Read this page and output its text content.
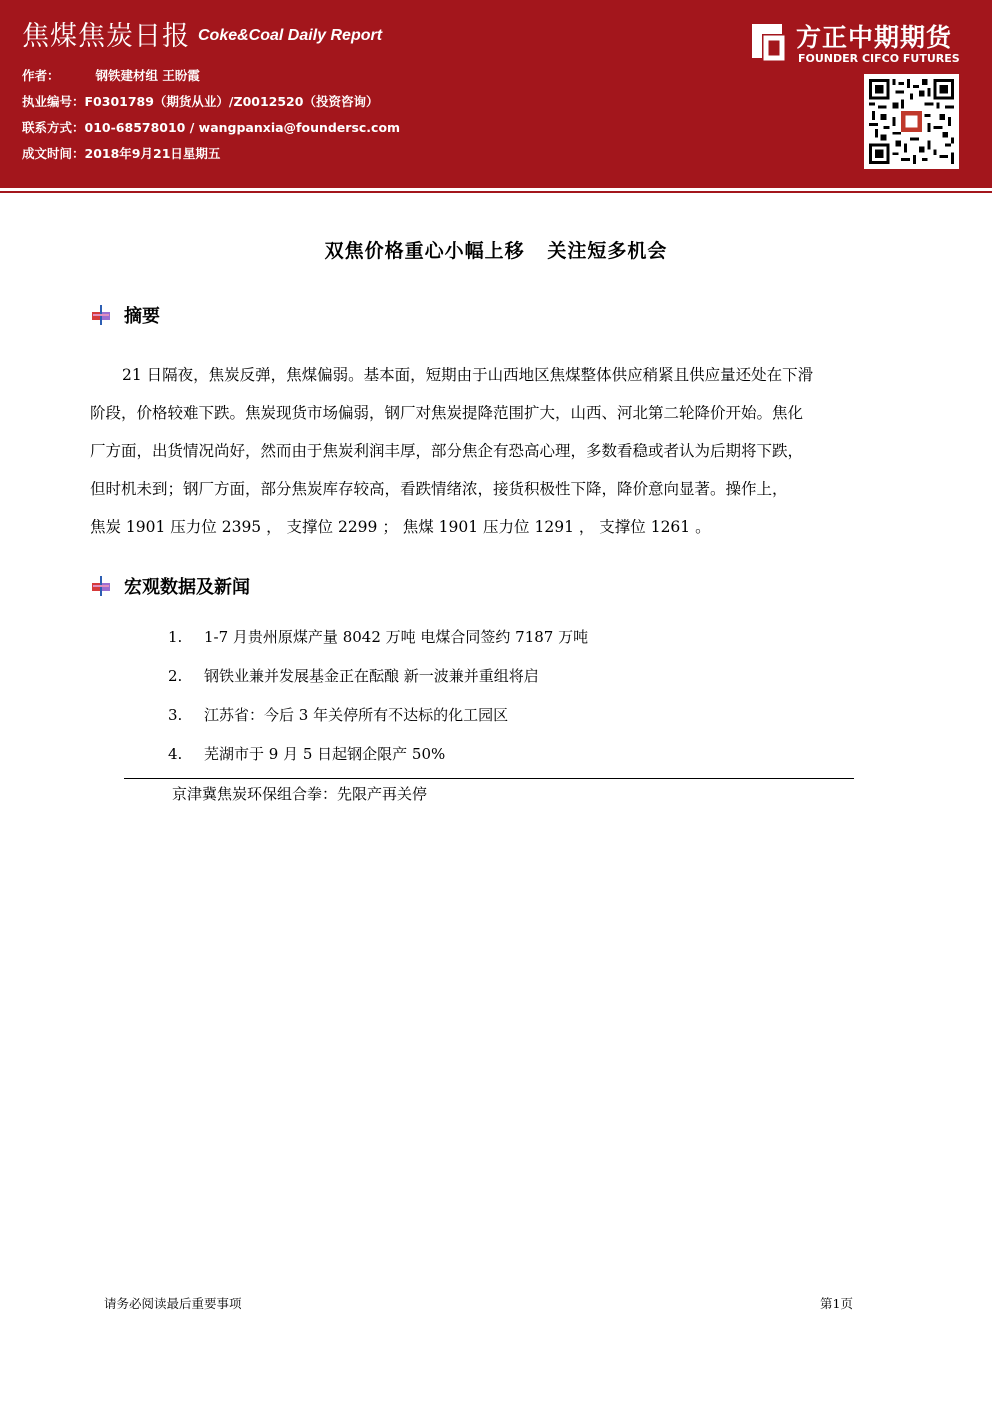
焦煤焦炭日报 Coke&Coal Daily Report
作者：	钢铁建材组 王盼霞
执业编号：F0301789（期货从业）/Z0012520（投资咨询）
联系方式：010-68578010 / wangpanxia@foundersc.com
成文时间：2018年9月21日星期五
方正中期期货
FOUNDER CIFCO FUTURES
双焦价格重心小幅上移   关注短多机会
摘要
21 日隔夜，焦炭反弹，焦煤偏弱。基本面，短期由于山西地区焦煤整体供应稍紧且供应量还处在下滑
阶段，价格较难下跌。焦炭现货市场偏弱，钢厂对焦炭提降范围扩大，山西、河北第二轮降价开始。焦化
厂方面，出货情况尚好，然而由于焦炭利润丰厚，部分焦企有恐高心理，多数看稳或者认为后期将下跌，
但时机未到；钢厂方面，部分焦炭库存较高，看跌情绪浓，接货积极性下降，降价意向显著。操作上，
焦炭 1901 压力位 2395 ， 支撑位 2299 ； 焦煤 1901 压力位 1291 ， 支撑位 1261 。
宏观数据及新闻
1. 1-7 月贵州原煤产量 8042 万吨 电煤合同签约 7187 万吨
2. 钢铁业兼并发展基金正在酝酿 新一波兼并重组将启
3. 江苏省：今后 3 年关停所有不达标的化工园区
4. 芜湖市于 9 月 5 日起钢企限产 50%
京津冀焦炭环保组合拳：先限产再关停
请务必阅读最后重要事项	第1页
